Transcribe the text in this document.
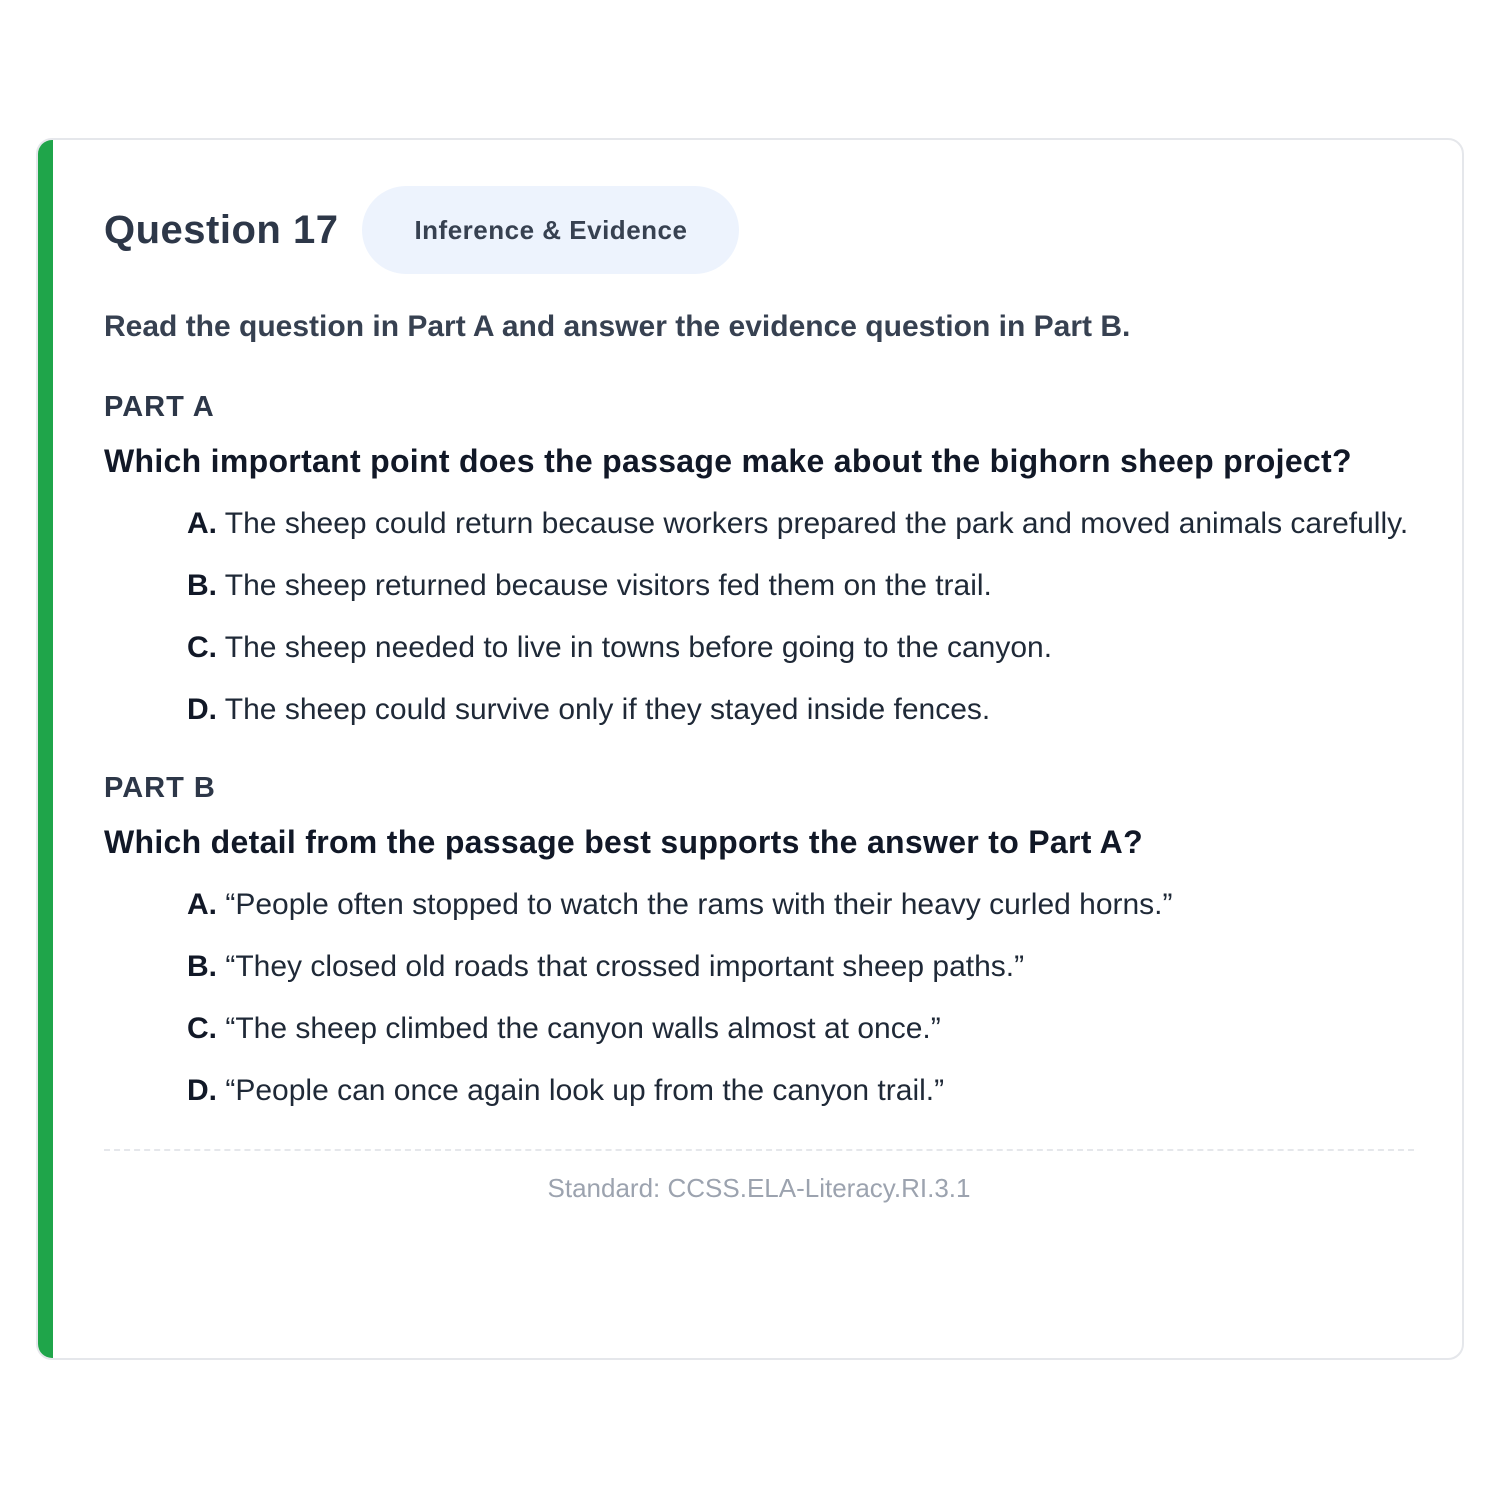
Question 17	Inference & Evidence
Read the question in Part A and answer the evidence question in Part B.
PART A
Which important point does the passage make about the bighorn sheep project?
A. The sheep could return because workers prepared the park and moved animals carefully.
B. The sheep returned because visitors fed them on the trail.
C. The sheep needed to live in towns before going to the canyon.
D. The sheep could survive only if they stayed inside fences.
PART B
Which detail from the passage best supports the answer to Part A?
A. “People often stopped to watch the rams with their heavy curled horns.”
B. “They closed old roads that crossed important sheep paths.”
C. “The sheep climbed the canyon walls almost at once.”
D. “People can once again look up from the canyon trail.”
Standard: CCSS.ELA-Literacy.RI.3.1
